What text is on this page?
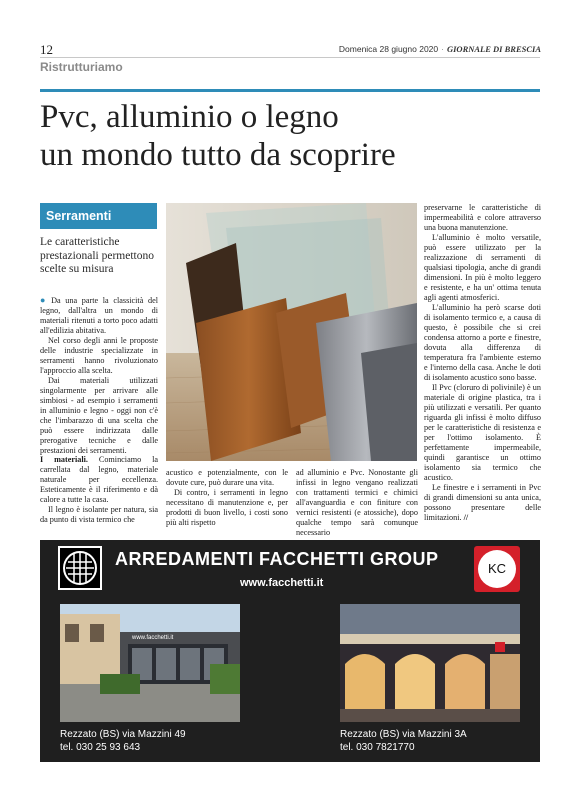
12	Domenica 28 giugno 2020 · GIORNALE DI BRESCIA
Ristrutturiamo
Pvc, alluminio o legno
un mondo tutto da scoprire
Serramenti
Le caratteristiche prestazionali permettono scelte su misura

● Da una parte la classicità del legno, dall'altra un mondo di materiali ritenuti a torto poco adatti all'edilizia abitativa.

Nel corso degli anni le proposte delle industrie specializzate in serramenti hanno rivoluzionato l'approccio alla scelta.

Dai materiali utilizzati singolarmente per arrivare alle simbiosi - ad esempio i serramenti in alluminio e legno - oggi non c'è che l'imbarazzo di una scelta che può essere indirizzata dalle prerogative tecniche e dalle prestazioni dei serramenti.

I materiali. Cominciamo la carrellata dal legno, materiale naturale per eccellenza. Esteticamente è il riferimento e dà calore a tutte la casa.

Il legno è isolante per natura, sia da punto di vista termico che

acustico e potenzialmente, con le dovute cure, può durare una vita.

Di contro, i serramenti in legno necessitano di manutenzione e, per prodotti di buon livello, i costi sono più alti rispetto

ad alluminio e Pvc. Nonostante gli infissi in legno vengano realizzati con trattamenti termici e chimici all'avanguardia e con finiture con vernici resistenti (e atossiche), dopo qualche tempo sarà comunque necessario

preservarne le caratteristiche di impermeabilità e colore attraverso una buona manutenzione.

L'alluminio è molto versatile, può essere utilizzato per la realizzazione di serramenti di qualsiasi tipologia, anche di grandi dimensioni. In più è molto leggero e resistente, e ha un' ottima tenuta agli agenti atmosferici.

L'alluminio ha però scarse doti di isolamento termico e, a causa di questo, è possibile che si crei condensa attorno a porte e finestre, dovuta alla differenza di temperatura fra l'ambiente esterno e l'interno della casa. Anche le doti di isolamento acustico sono basse.

Il Pvc (cloruro di polivinile) è un materiale di origine plastica, tra i più utilizzati e versatili. Per quanto riguarda gli infissi è molto diffuso per le caratteristiche di resistenza e per l'ottimo isolamento. È perfettamente impermeabile, quindi garantisce un ottimo isolamento sia termico che acustico.

Le finestre e i serramenti in Pvc di grandi dimensioni su anta unica, possono presentare delle limitazioni. //

ARREDAMENTI FACCHETTI GROUP
www.facchetti.it
KC
www.facchetti.it
Rezzato (BS) via Mazzini 49
tel. 030 25 93 643
Rezzato (BS) via Mazzini 3A
tel. 030 7821770
